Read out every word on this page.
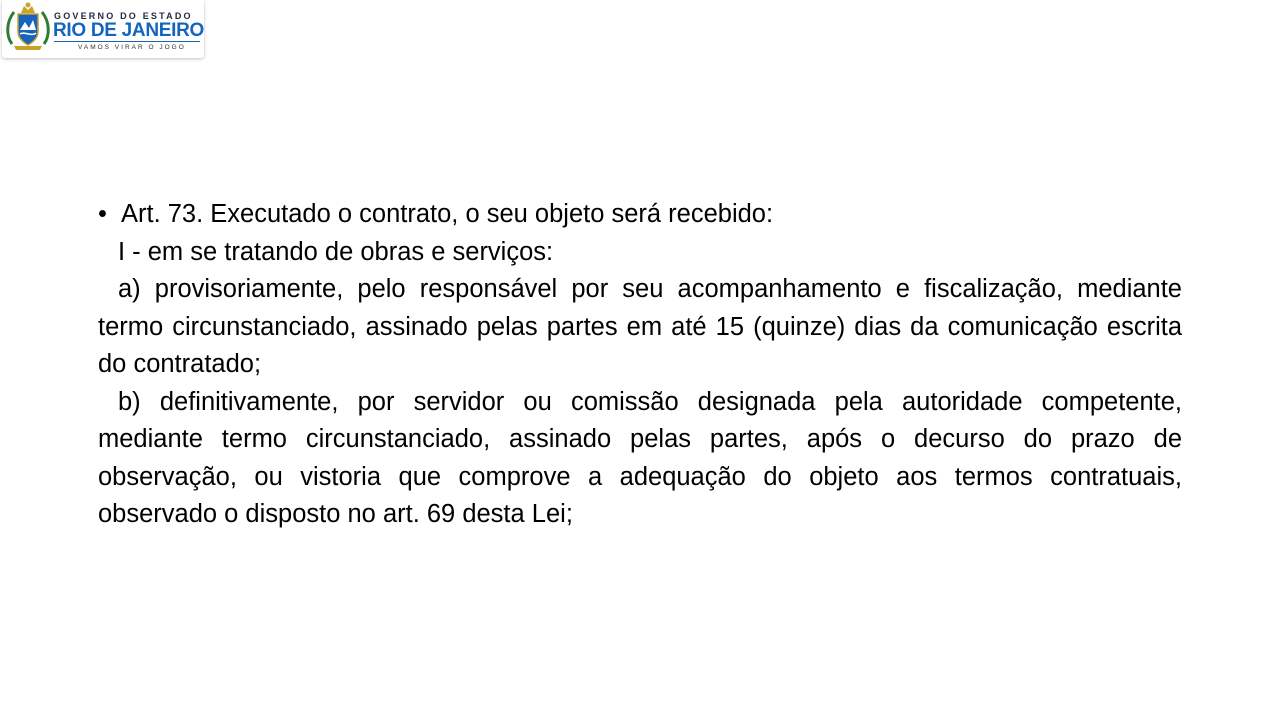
GOVERNO DO ESTADO
RIO DE JANEIRO
VAMOS VIRAR O JOGO

• Art. 73. Executado o contrato, o seu objeto será recebido:

I - em se tratando de obras e serviços:

a) provisoriamente, pelo responsável por seu acompanhamento e fiscalização, mediante termo circunstanciado, assinado pelas partes em até 15 (quinze) dias da comunicação escrita do contratado;

b) definitivamente, por servidor ou comissão designada pela autoridade competente, mediante termo circunstanciado, assinado pelas partes, após o decurso do prazo de observação, ou vistoria que comprove a adequação do objeto aos termos contratuais, observado o disposto no art. 69 desta Lei;
